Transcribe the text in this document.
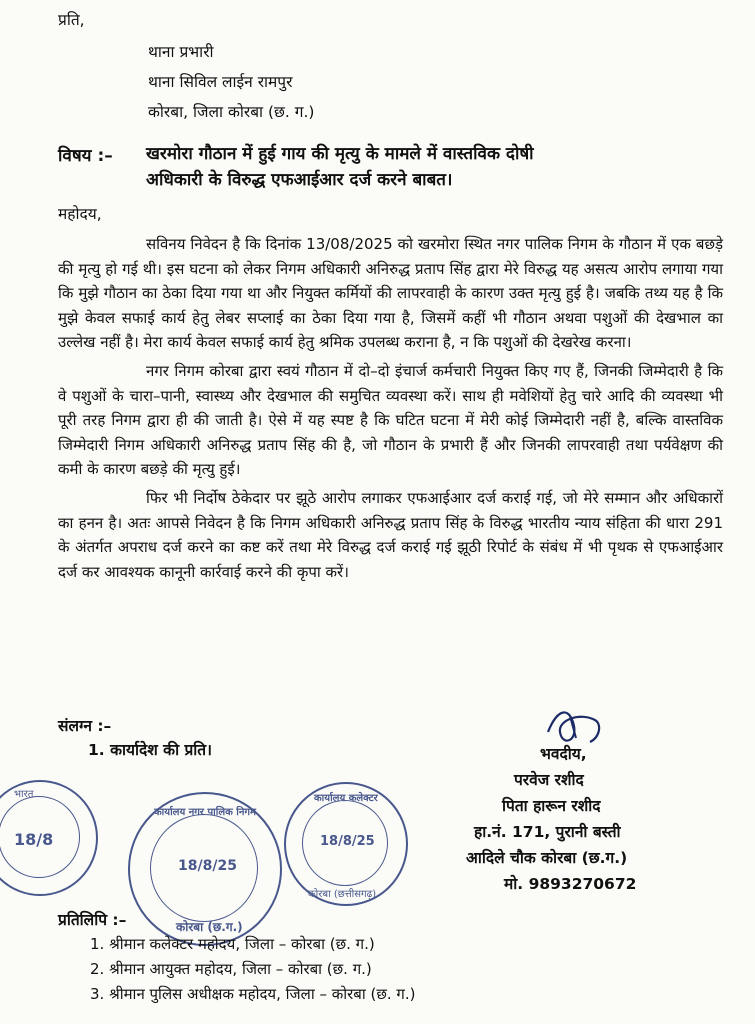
प्रति,
थाना प्रभारी
थाना सिविल लाईन रामपुर
कोरबा, जिला कोरबा (छ. ग.)
विषय :– खरमोरा गौठान में हुई गाय की मृत्यु के मामले में वास्तविक दोषी
अधिकारी के विरुद्ध एफआईआर दर्ज करने बाबत।
महोदय,

सविनय निवेदन है कि दिनांक 13/08/2025 को खरमोरा स्थित नगर पालिक निगम के गौठान में एक बछड़े की मृत्यु हो गई थी। इस घटना को लेकर निगम अधिकारी अनिरुद्ध प्रताप सिंह द्वारा मेरे विरुद्ध यह असत्य आरोप लगाया गया कि मुझे गौठान का ठेका दिया गया था और नियुक्त कर्मियों की लापरवाही के कारण उक्त मृत्यु हुई है। जबकि तथ्य यह है कि मुझे केवल सफाई कार्य हेतु लेबर सप्लाई का ठेका दिया गया है, जिसमें कहीं भी गौठान अथवा पशुओं की देखभाल का उल्लेख नहीं है। मेरा कार्य केवल सफाई कार्य हेतु श्रमिक उपलब्ध कराना है, न कि पशुओं की देखरेख करना।

नगर निगम कोरबा द्वारा स्वयं गौठान में दो–दो इंचार्ज कर्मचारी नियुक्त किए गए हैं, जिनकी जिम्मेदारी है कि वे पशुओं के चारा–पानी, स्वास्थ्य और देखभाल की समुचित व्यवस्था करें। साथ ही मवेशियों हेतु चारे आदि की व्यवस्था भी पूरी तरह निगम द्वारा ही की जाती है। ऐसे में यह स्पष्ट है कि घटित घटना में मेरी कोई जिम्मेदारी नहीं है, बल्कि वास्तविक जिम्मेदारी निगम अधिकारी अनिरुद्ध प्रताप सिंह की है, जो गौठान के प्रभारी हैं और जिनकी लापरवाही तथा पर्यवेक्षण की कमी के कारण बछड़े की मृत्यु हुई।

फिर भी निर्दोष ठेकेदार पर झूठे आरोप लगाकर एफआईआर दर्ज कराई गई, जो मेरे सम्मान और अधिकारों का हनन है। अतः आपसे निवेदन है कि निगम अधिकारी अनिरुद्ध प्रताप सिंह के विरुद्ध भारतीय न्याय संहिता की धारा 291 के अंतर्गत अपराध दर्ज करने का कष्ट करें तथा मेरे विरुद्ध दर्ज कराई गई झूठी रिपोर्ट के संबंध में भी पृथक से एफआईआर दर्ज कर आवश्यक कानूनी कार्रवाई करने की कृपा करें।

संलग्न :–
1. कार्यादेश की प्रति।	भवदीय,
परवेज रशीद
पिता हारून रशीद
हा.नं. 171, पुरानी बस्ती
आदिले चौक कोरबा (छ.ग.)
मो. 9893270672
भारत
18/8
कार्यालय नगर पालिक निगम
18/8/25
कोरबा (छ.ग.)
कार्यालय कलेक्टर
18/8/25
कोरबा (छत्तीसगढ़)
प्रतिलिपि :–
1. श्रीमान कलेक्टर महोदय, जिला – कोरबा (छ. ग.)
2. श्रीमान आयुक्त महोदय, जिला – कोरबा (छ. ग.)
3. श्रीमान पुलिस अधीक्षक महोदय, जिला – कोरबा (छ. ग.)
